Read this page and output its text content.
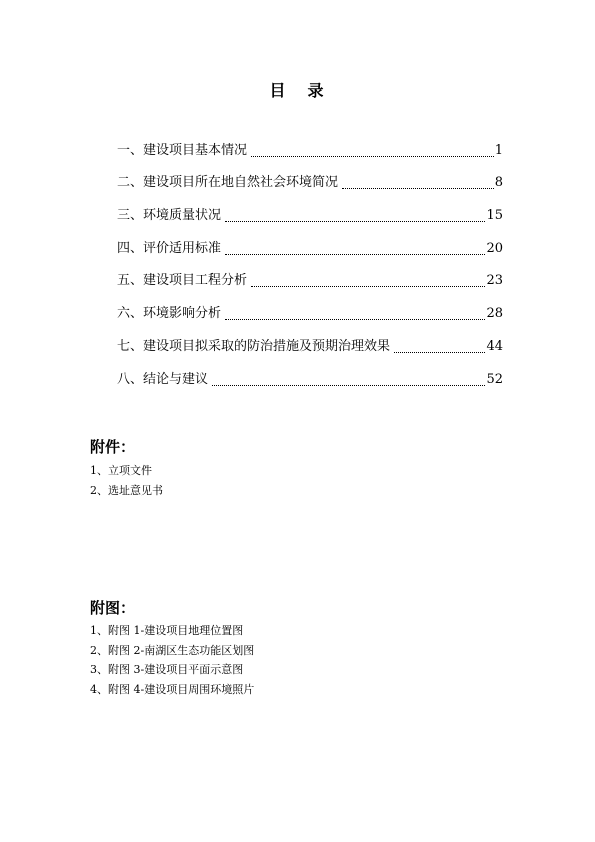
目 录
一、建设项目基本情况	1
二、建设项目所在地自然社会环境简况	8
三、环境质量状况	15
四、评价适用标准	20
五、建设项目工程分析	23
六、环境影响分析	28
七、建设项目拟采取的防治措施及预期治理效果	44
八、结论与建议	52
附件：
1、立项文件
2、选址意见书
附图：
1、附图 1-建设项目地理位置图
2、附图 2-南湖区生态功能区划图
3、附图 3-建设项目平面示意图
4、附图 4-建设项目周围环境照片
